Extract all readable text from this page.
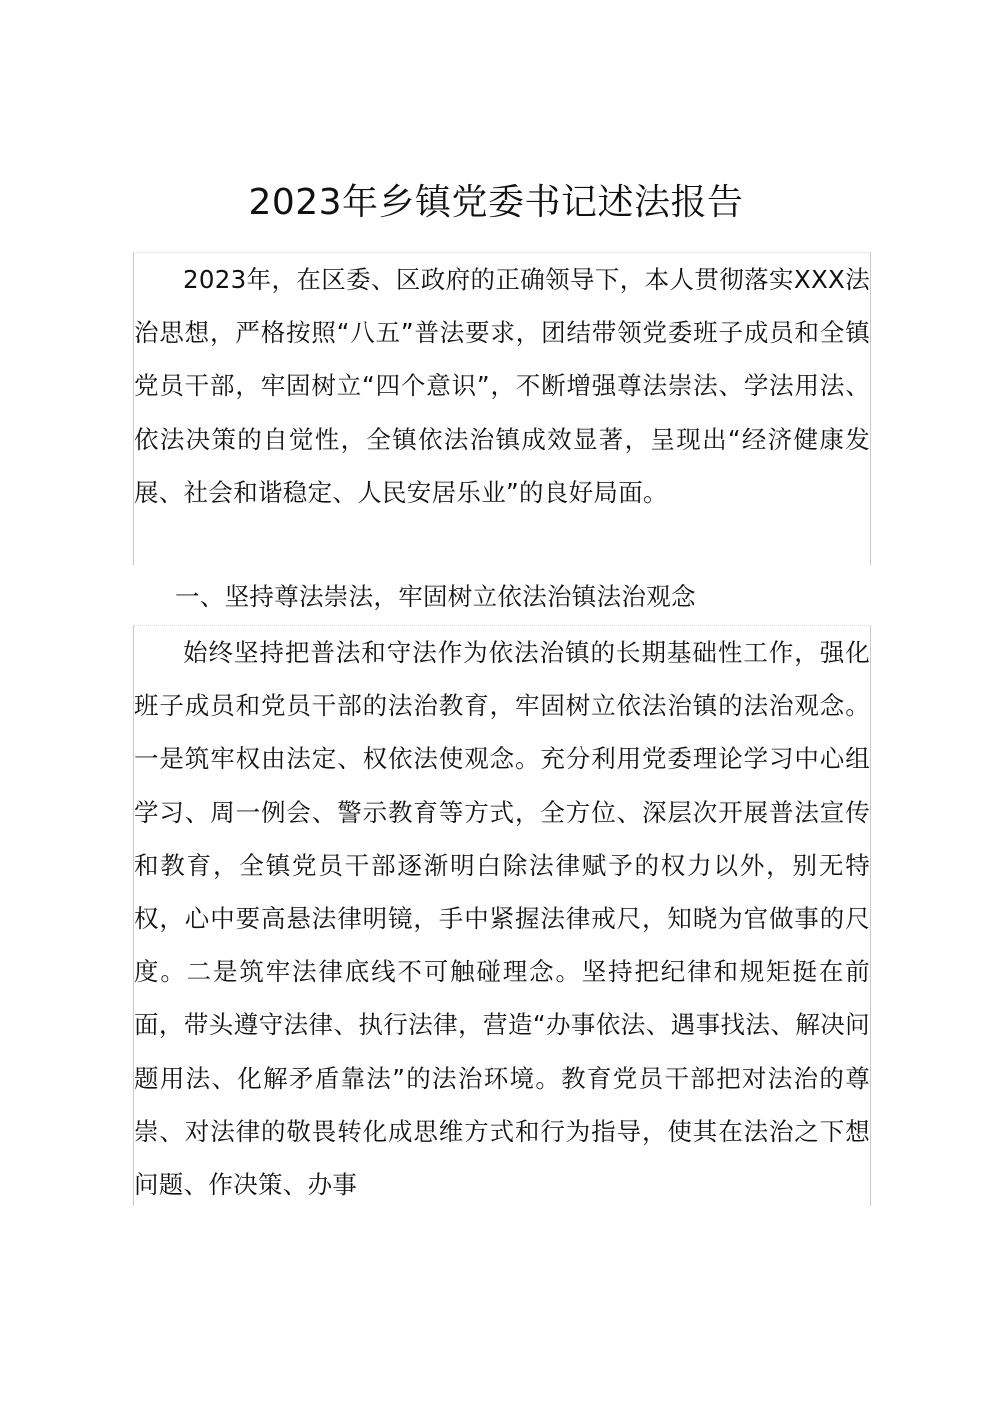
2023年乡镇党委书记述法报告

2023年，在区委、区政府的正确领导下，本人贯彻落实XXX法治思想，严格按照“八五”普法要求，团结带领党委班子成员和全镇党员干部，牢固树立“四个意识”，不断增强尊法崇法、学法用法、依法决策的自觉性，全镇依法治镇成效显著，呈现出“经济健康发展、社会和谐稳定、人民安居乐业”的良好局面。

一、坚持尊法崇法，牢固树立依法治镇法治观念

始终坚持把普法和守法作为依法治镇的长期基础性工作，强化班子成员和党员干部的法治教育，牢固树立依法治镇的法治观念。一是筑牢权由法定、权依法使观念。充分利用党委理论学习中心组学习、周一例会、警示教育等方式，全方位、深层次开展普法宣传和教育，全镇党员干部逐渐明白除法律赋予的权力以外，别无特权，心中要高悬法律明镜，手中紧握法律戒尺，知晓为官做事的尺度。二是筑牢法律底线不可触碰理念。坚持把纪律和规矩挺在前面，带头遵守法律、执行法律，营造“办事依法、遇事找法、解决问题用法、化解矛盾靠法”的法治环境。教育党员干部把对法治的尊崇、对法律的敬畏转化成思维方式和行为指导，使其在法治之下想问题、作决策、办事
